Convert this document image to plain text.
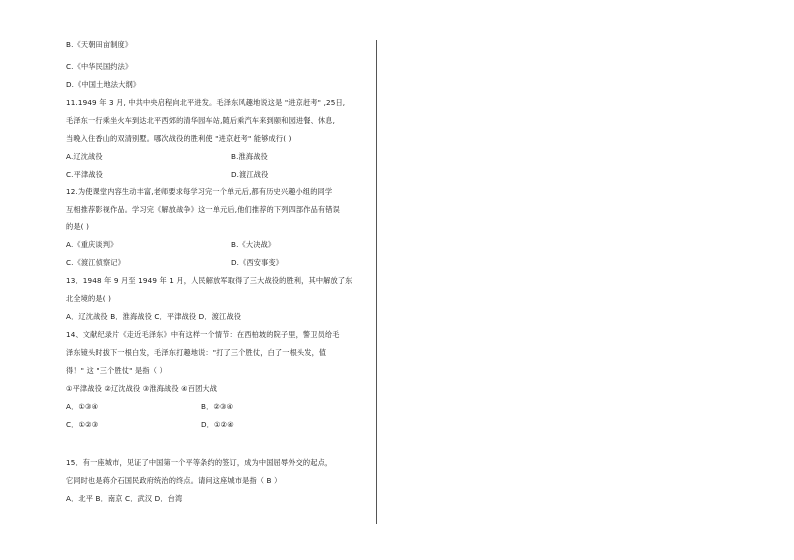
B.《天朝田亩制度》
C.《中华民国约法》
D.《中国土地法大纲》
11.1949 年 3 月, 中共中央启程向北平进发。毛泽东风趣地说这是 "进京赶考" ,25日,
毛泽东一行乘坐火车到达北平西郊的清华园车站,随后乘汽车来到颐和园进餐、休息,
当晚入住香山的双清别墅。哪次战役的胜利使 "进京赶考" 能够成行( )
A.辽沈战役	B.淮海战役
C.平津战役	D.渡江战役
12.为使课堂内容生动丰富,老师要求每学习完一个单元后,都有历史兴趣小组的同学
互相推荐影视作品。学习完《解放战争》这一单元后,他们推荐的下列四部作品有错误
的是( )
A.《重庆谈判》	B.《大决战》
C.《渡江侦察记》	D.《西安事变》
13．1948 年 9 月至 1949 年 1 月，人民解放军取得了三大战役的胜利，其中解放了东
北全境的是( )
A．辽沈战役 B．淮海战役 C．平津战役 D．渡江战役
14、文献纪录片《走近毛泽东》中有这样一个情节：在西柏坡的院子里，警卫员给毛
泽东镜头时拔下一根白发，毛泽东打趣地说："打了三个胜仗，白了一根头发，值
得！" 这 "三个胜仗" 是指（ ）
①平津战役 ②辽沈战役 ③淮海战役 ④百团大战
A．①③④	B．②③④
C．①②③	D．①②④
15．有一座城市，见证了中国第一个平等条约的签订，成为中国屈辱外交的起点，
它同时也是蒋介石国民政府统治的终点。请问这座城市是指（ B ）
A．北平 B．南京 C．武汉 D．台湾
